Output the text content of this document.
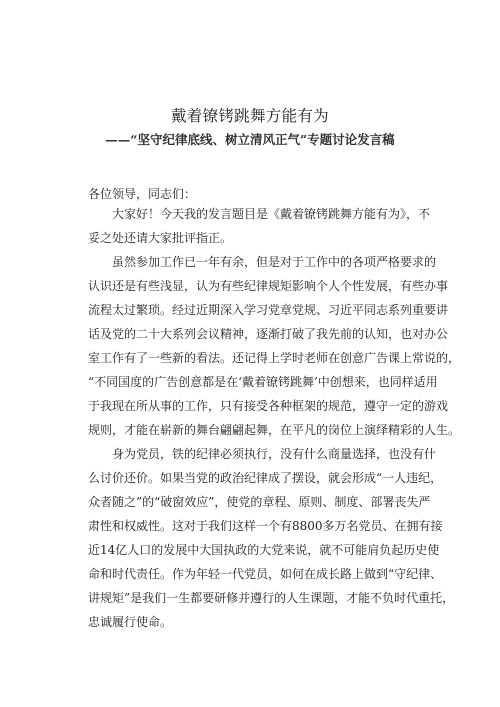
戴着镣铐跳舞方能有为
——“坚守纪律底线、树立清风正气”专题讨论发言稿
各位领导，同志们：
大家好！今天我的发言题目是《戴着镣铐跳舞方能有为》，不
妥之处还请大家批评指正。
虽然参加工作已一年有余，但是对于工作中的各项严格要求的
认识还是有些浅显，认为有些纪律规矩影响个人个性发展，有些办事
流程太过繁琐。经过近期深入学习党章党规、习近平同志系列重要讲
话及党的二十大系列会议精神，逐渐打破了我先前的认知，也对办公
室工作有了一些新的看法。还记得上学时老师在创意广告课上常说的，
“不同国度的广告创意都是在‘戴着镣铐跳舞’中创想来，也同样适用
于我现在所从事的工作，只有接受各种框架的规范，遵守一定的游戏
规则，才能在崭新的舞台翩翩起舞，在平凡的岗位上演绎精彩的人生。
身为党员，铁的纪律必须执行，没有什么商量选择，也没有什
么讨价还价。如果当党的政治纪律成了摆设，就会形成“一人违纪，
众者随之”的“破窗效应”，使党的章程、原则、制度、部署丧失严
肃性和权威性。这对于我们这样一个有8800多万名党员、在拥有接
近14亿人口的发展中大国执政的大党来说，就不可能肩负起历史使
命和时代责任。作为年轻一代党员，如何在成长路上做到“守纪律、
讲规矩”是我们一生都要研修并遵行的人生课题，才能不负时代重托，
忠诚履行使命。
